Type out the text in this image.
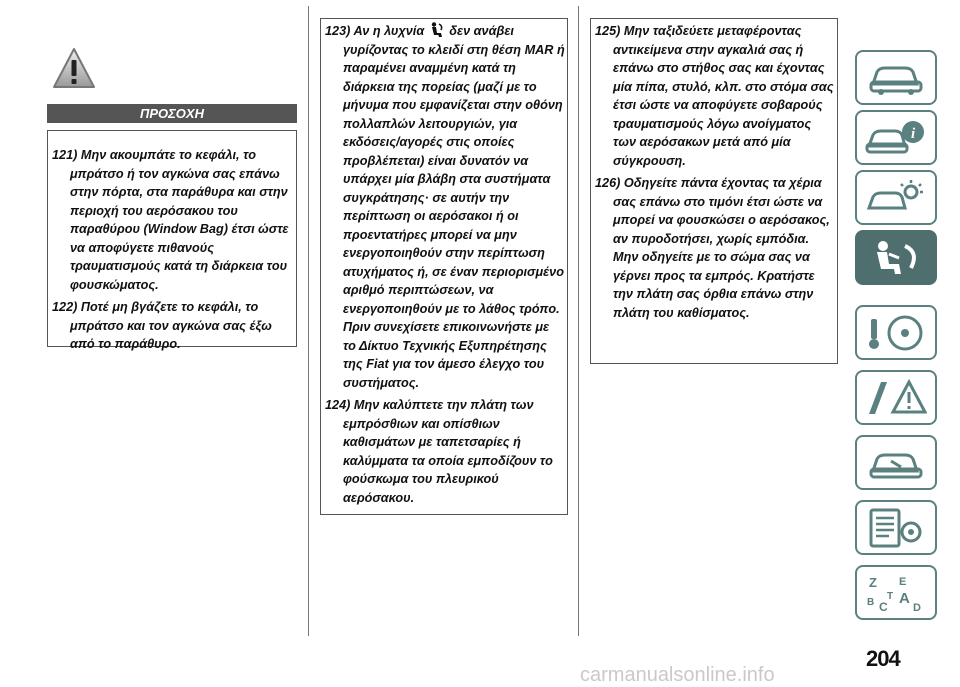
ΠΡΟΣΟΧΗ

121) Μην ακουμπάτε το κεφάλι, το μπράτσο ή τον αγκώνα σας επάνω στην πόρτα, στα παράθυρα και στην περιοχή του αερόσακου του παραθύρου (Window Bag) έτσι ώστε να αποφύγετε πιθανούς τραυματισμούς κατά τη διάρκεια του φουσκώματος.

122) Ποτέ μη βγάζετε το κεφάλι, το μπράτσο και τον αγκώνα σας έξω από το παράθυρο.

123) Αν η λυχνία δεν ανάβει γυρίζοντας το κλειδί στη θέση MAR ή παραμένει αναμμένη κατά τη διάρκεια της πορείας (μαζί με το μήνυμα που εμφανίζεται στην οθόνη πολλαπλών λειτουργιών, για εκδόσεις/αγορές στις οποίες προβλέπεται) είναι δυνατόν να υπάρχει μία βλάβη στα συστήματα συγκράτησης· σε αυτήν την περίπτωση οι αερόσακοι ή οι προεντατήρες μπορεί να μην ενεργοποιηθούν στην περίπτωση ατυχήματος ή, σε έναν περιορισμένο αριθμό περιπτώσεων, να ενεργοποιηθούν με το λάθος τρόπο. Πριν συνεχίσετε επικοινωνήστε με το Δίκτυο Τεχνικής Εξυπηρέτησης της Fiat για τον άμεσο έλεγχο του συστήματος.

124) Μην καλύπτετε την πλάτη των εμπρόσθιων και οπίσθιων καθισμάτων με ταπετσαρίες ή καλύμματα τα οποία εμποδίζουν το φούσκωμα του πλευρικού αερόσακου.

125) Μην ταξιδεύετε μεταφέροντας αντικείμενα στην αγκαλιά σας ή επάνω στο στήθος σας και έχοντας μία πίπα, στυλό, κλπ. στο στόμα σας έτσι ώστε να αποφύγετε σοβαρούς τραυματισμούς λόγω ανοίγματος των αερόσακων μετά από μία σύγκρουση.

126) Οδηγείτε πάντα έχοντας τα χέρια σας επάνω στο τιμόνι έτσι ώστε να μπορεί να φουσκώσει ο αερόσακος, αν πυροδοτήσει, χωρίς εμπόδια. Μην οδηγείτε με το σώμα σας να γέρνει προς τα εμπρός. Κρατήστε την πλάτη σας όρθια επάνω στην πλάτη του καθίσματος.

i
Z E
B A
C D
T
204
carmanualsonline.info
